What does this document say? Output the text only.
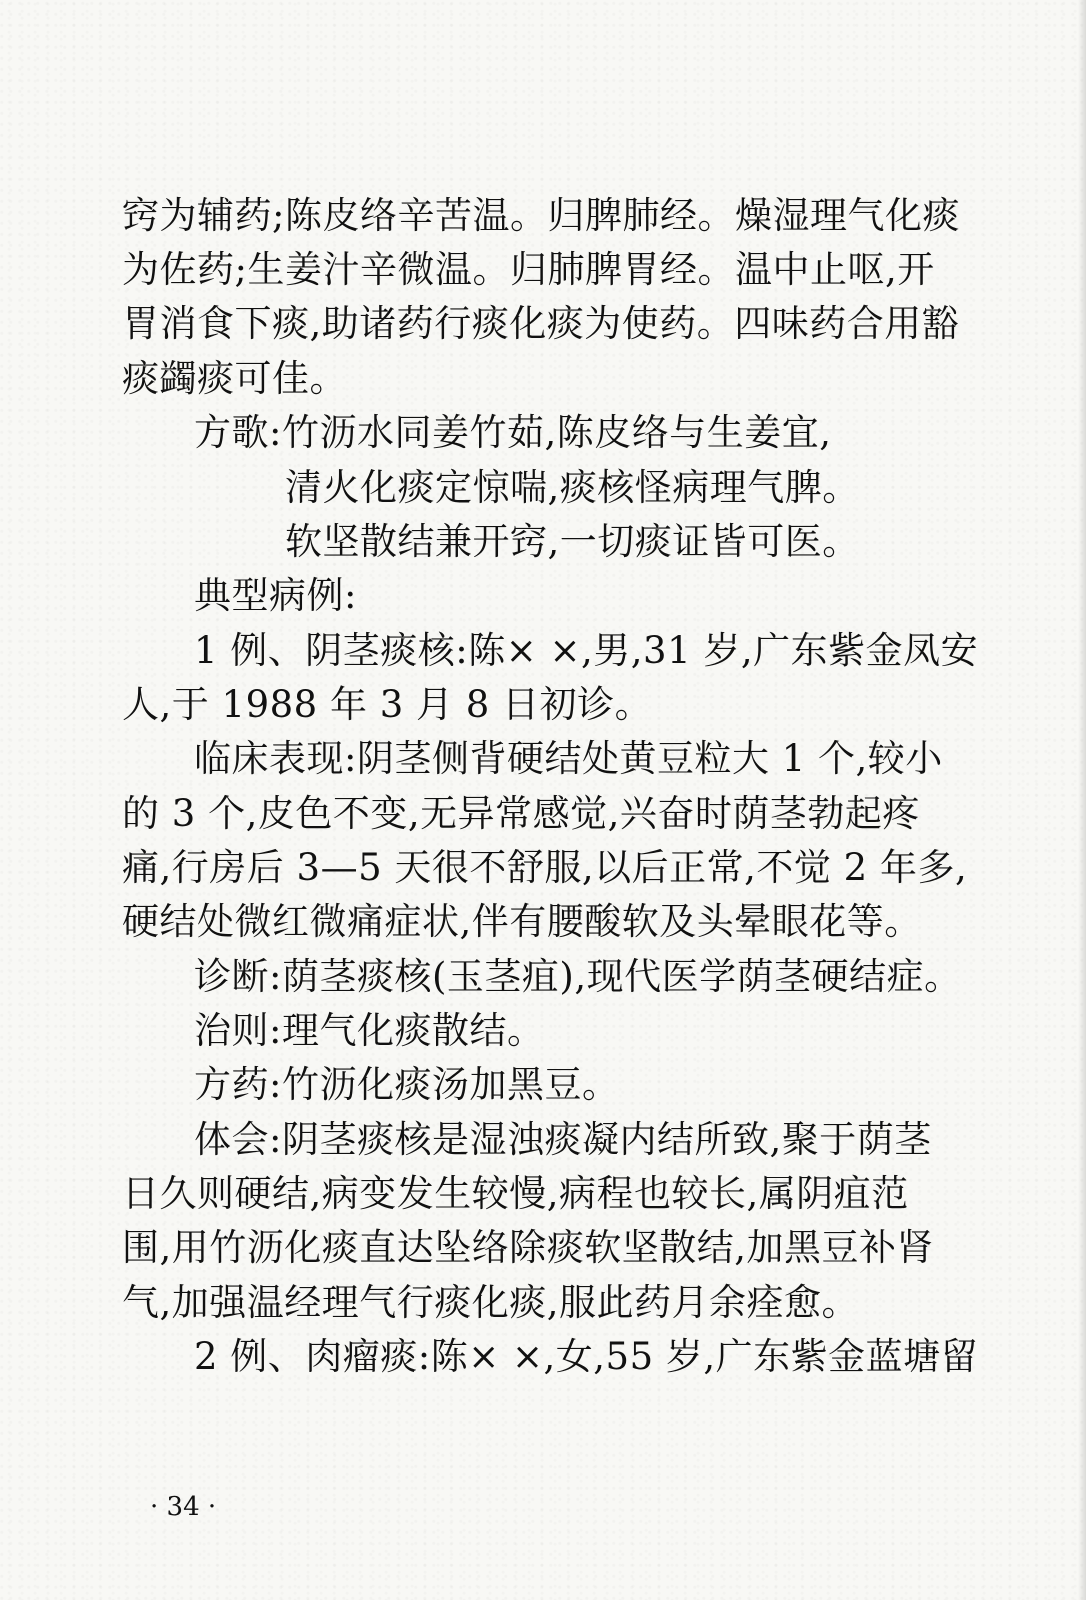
窍为辅药;陈皮络辛苦温。归脾肺经。燥湿理气化痰
为佐药;生姜汁辛微温。归肺脾胃经。温中止呕,开
胃消食下痰,助诸药行痰化痰为使药。四味药合用豁
痰蠲痰可佳。
方歌:竹沥水同姜竹茹,陈皮络与生姜宜,
清火化痰定惊喘,痰核怪病理气脾。
软坚散结兼开窍,一切痰证皆可医。
典型病例:
1 例、阴茎痰核:陈× ×,男,31 岁,广东紫金凤安
人,于 1988 年 3 月 8 日初诊。
临床表现:阴茎侧背硬结处黄豆粒大 1 个,较小
的 3 个,皮色不变,无异常感觉,兴奋时荫茎勃起疼
痛,行房后 3—5 天很不舒服,以后正常,不觉 2 年多,
硬结处微红微痛症状,伴有腰酸软及头晕眼花等。
诊断:荫茎痰核(玉茎疽),现代医学荫茎硬结症。
治则:理气化痰散结。
方药:竹沥化痰汤加黑豆。
体会:阴茎痰核是湿浊痰凝内结所致,聚于荫茎
日久则硬结,病变发生较慢,病程也较长,属阴疽范
围,用竹沥化痰直达坠络除痰软坚散结,加黑豆补肾
气,加强温经理气行痰化痰,服此药月余痊愈。
2 例、肉瘤痰:陈× ×,女,55 岁,广东紫金蓝塘留
· 34 ·
